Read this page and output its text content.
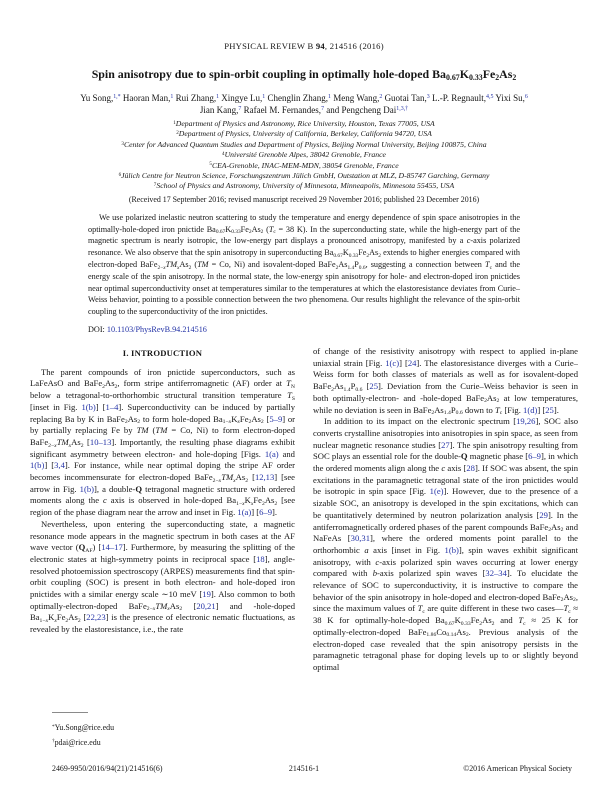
PHYSICAL REVIEW B 94, 214516 (2016)
Spin anisotropy due to spin-orbit coupling in optimally hole-doped $Ba_{0.67}K_{0.33}Fe_2As_2$
Yu Song,$^{1,*}$ Haoran Man,$^1$ Rui Zhang,$^1$ Xingye Lu,$^1$ Chenglin Zhang,$^1$ Meng Wang,$^2$ Guotai Tan,$^3$ L.-P. Regnault,$^{4,5}$ Yixi Su,$^6$
Jian Kang,$^7$ Rafael M. Fernandes,$^7$ and Pengcheng Dai$^{1,3,\dagger}$
$^1$Department of Physics and Astronomy, Rice University, Houston, Texas 77005, USA
$^2$Department of Physics, University of California, Berkeley, California 94720, USA
$^3$Center for Advanced Quantum Studies and Department of Physics, Beijing Normal University, Beijing 100875, China
$^4$Université Grenoble Alpes, 38042 Grenoble, France
$^5$CEA-Grenoble, INAC-MEM-MDN, 38054 Grenoble, France
$^6$Jülich Centre for Neutron Science, Forschungszentrum Jülich GmbH, Outstation at MLZ, D-85747 Garching, Germany
$^7$School of Physics and Astronomy, University of Minnesota, Minneapolis, Minnesota 55455, USA
(Received 17 September 2016; revised manuscript received 29 November 2016; published 23 December 2016)
We use polarized inelastic neutron scattering to study the temperature and energy dependence of spin space anisotropies in the optimally-hole-doped iron pnictide $Ba_{0.67}K_{0.33}Fe_2As_2$ ($T_c = 38$ K). In the superconducting state, while the high-energy part of the magnetic spectrum is nearly isotropic, the low-energy part displays a pronounced anisotropy, manifested by a c-axis polarized resonance. We also observe that the spin anisotropy in superconducting $Ba_{0.67}K_{0.33}Fe_2As_2$ extends to higher energies compared with electron-doped $BaFe_{2-x}TM_xAs_2$ (TM = Co, Ni) and isovalent-doped $BaFe_2As_{1.4}P_{0.6}$, suggesting a connection between $T_c$ and the energy scale of the spin anisotropy. In the normal state, the low-energy spin anisotropy for hole- and electron-doped iron pnictides near optimal superconductivity onset at temperatures similar to the temperatures at which the elastoresistance deviates from Curie–Weiss behavior, pointing to a possible connection between the two phenomena. Our results highlight the relevance of the spin-orbit coupling to the superconductivity of the iron pnictides.
DOI: 10.1103/PhysRevB.94.214516
I. INTRODUCTION

The parent compounds of iron pnictide superconductors, such as LaFeAsO and $BaFe_2As_2$, form stripe antiferromagnetic (AF) order at $T_N$ below a tetragonal-to-orthorhombic structural transition temperature $T_S$ [inset in Fig. 1(b)] [1–4]. Superconductivity can be induced by partially replacing Ba by K in $BaFe_2As_2$ to form hole-doped $Ba_{1-x}K_xFe_2As_2$ [5–9] or by partially replacing Fe by TM (TM = Co, Ni) to form electron-doped $BaFe_{2-x}TM_xAs_2$ [10–13]. Importantly, the resulting phase diagrams exhibit significant asymmetry between electron- and hole-doping [Figs. 1(a) and 1(b)] [3,4]. For instance, while near optimal doping the stripe AF order becomes incommensurate for electron-doped $BaFe_{2-x}TM_xAs_2$ [12,13] [see arrow in Fig. 1(b)], a double-Q tetragonal magnetic structure with ordered moments along the c axis is observed in hole-doped $Ba_{1-x}K_xFe_2As_2$ [see region of the phase diagram near the arrow and inset in Fig. 1(a)] [6–9].

Nevertheless, upon entering the superconducting state, a magnetic resonance mode appears in the magnetic spectrum in both cases at the AF wave vector $(Q_{AF})$ [14–17]. Furthermore, by measuring the splitting of the electronic states at high-symmetry points in reciprocal space [18], angle-resolved photoemission spectroscopy (ARPES) measurements find that spin-orbit coupling (SOC) is present in both electron- and hole-doped iron pnictides with a similar energy scale ∼10 meV [19]. Also common to both optimally-electron-doped $BaFe_{2-x}TM_xAs_2$ [20,21] and -hole-doped $Ba_{1-x}K_xFe_2As_2$ [22,23] is the presence of electronic nematic fluctuations, as revealed by the elastoresistance, i.e., the rate

of change of the resistivity anisotropy with respect to applied in-plane uniaxial strain [Fig. 1(c)] [24]. The elastoresistance diverges with a Curie–Weiss form for both classes of materials as well as for isovalent-doped $BaFe_2As_{1.4}P_{0.6}$ [25]. Deviation from the Curie–Weiss behavior is seen in both optimally-electron- and -hole-doped $BaFe_2As_2$ at low temperatures, while no deviation is seen in $BaFe_2As_{1.4}P_{0.6}$ down to $T_c$ [Fig. 1(d)] [25].

In addition to its impact on the electronic spectrum [19,26], SOC also converts crystalline anisotropies into anisotropies in spin space, as seen from nuclear magnetic resonance studies [27]. The spin anisotropy resulting from SOC plays an essential role for the double-Q magnetic phase [6–9], in which the ordered moments align along the c axis [28]. If SOC was absent, the spin excitations in the paramagnetic tetragonal state of the iron pnictides would be isotropic in spin space [Fig. 1(e)]. However, due to the presence of a sizable SOC, an anisotropy is developed in the spin excitations, which can be quantitatively determined by neutron polarization analysis [29]. In the antiferromagnetically ordered phases of the parent compounds $BaFe_2As_2$ and NaFeAs [30,31], where the ordered moments point parallel to the orthorhombic a axis [inset in Fig. 1(b)], spin waves exhibit significant anisotropy, with c-axis polarized spin waves occurring at lower energy compared with b-axis polarized spin waves [32–34]. To elucidate the relevance of SOC to superconductivity, it is instructive to compare the behavior of the spin anisotropy in hole-doped and electron-doped $BaFe_2As_2$, since the maximum values of $T_c$ are quite different in these two $cases—T_c \approx 38$ K for optimally-hole-doped $Ba_{0.67}K_{0.33}Fe_2As_2$ and $T_c \approx 25$ K for optimally-electron-doped $BaFe_{1.86}Co_{0.14}As_2$. Previous analysis of the electron-doped case revealed that the spin anisotropy persists in the paramagnetic tetragonal phase for doping levels up to or slightly beyond optimal

*Yu.Song@rice.edu
†pdai@rice.edu
2469-9950/2016/94(21)/214516(6)	214516-1	©2016 American Physical Society
